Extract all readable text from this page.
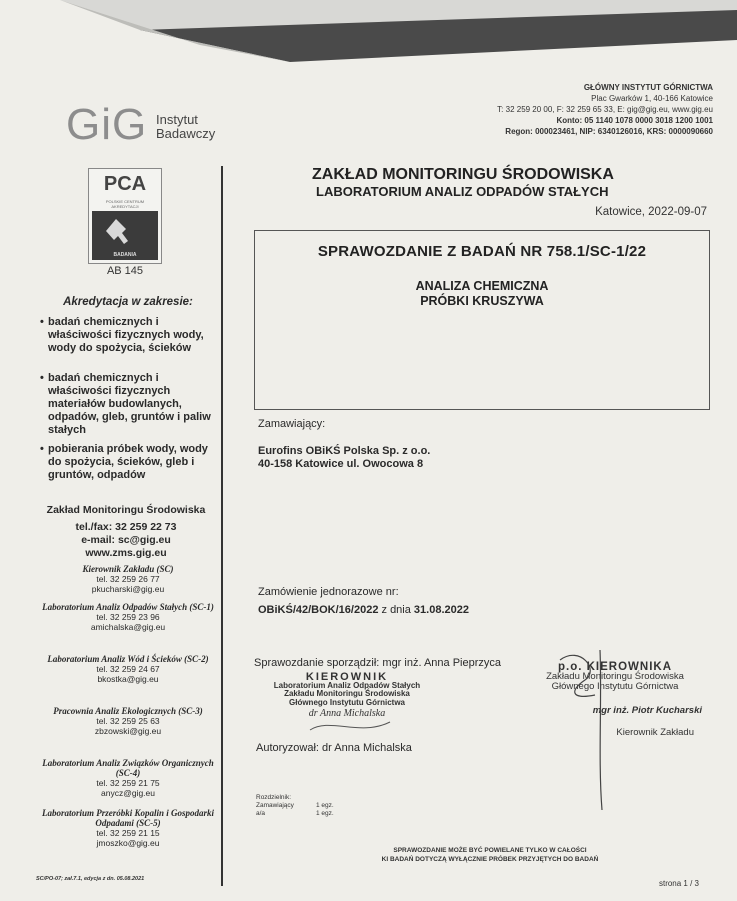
GiG Instytut
Badawczy
GŁÓWNY INSTYTUT GÓRNICTWA
Plac Gwarków 1, 40-166 Katowice
T: 32 259 20 00, F: 32 259 65 33, E: gig@gig.eu, www.gig.eu
Konto: 05 1140 1078 0000 3018 1200 1001
Regon: 000023461, NIP: 6340126016, KRS: 0000090660
PCA
POLSKIE CENTRUM AKREDYTACJI
BADANIA
AB 145
Akredytacja w zakresie:
• badań chemicznych i właściwości fizycznych wody, wody do spożycia, ścieków
• badań chemicznych i właściwości fizycznych materiałów budowlanych, odpadów, gleb, gruntów i paliw stałych
• pobierania próbek wody, wody do spożycia, ścieków, gleb i gruntów, odpadów
Zakład Monitoringu Środowiska
tel./fax: 32 259 22 73
e-mail: sc@gig.eu
www.zms.gig.eu
Kierownik Zakładu (SC)
tel. 32 259 26 77
pkucharski@gig.eu
Laboratorium Analiz Odpadów Stałych (SC-1)
tel. 32 259 23 96
amichalska@gig.eu
Laboratorium Analiz Wód i Ścieków (SC-2)
tel. 32 259 24 67
bkostka@gig.eu
Pracownia Analiz Ekologicznych (SC-3)
tel. 32 259 25 63
zbzowski@gig.eu
Laboratorium Analiz Związków Organicznych (SC-4)
tel. 32 259 21 75
anycz@gig.eu
Laboratorium Przeróbki Kopalin i Gospodarki Odpadami (SC-5)
tel. 32 259 21 15
jmoszko@gig.eu
SC/PO-07; zał.7.1, edycja z dn. 05.08.2021
ZAKŁAD MONITORINGU ŚRODOWISKA
LABORATORIUM ANALIZ ODPADÓW STAŁYCH
Katowice, 2022-09-07
SPRAWOZDANIE Z BADAŃ NR 758.1/SC-1/22
ANALIZA CHEMICZNA
PRÓBKI KRUSZYWA
Zamawiający:
Eurofins OBiKŚ Polska Sp. z o.o.
40-158 Katowice ul. Owocowa 8
Zamówienie jednorazowe nr:
OBiKŚ/42/BOK/16/2022 z dnia 31.08.2022
Sprawozdanie sporządził: mgr inż. Anna Pieprzyca
KIEROWNIK
Laboratorium Analiz Odpadów Stałych
Zakładu Monitoringu Środowiska
Głównego Instytutu Górnictwa
dr Anna Michalska
p.o. KIEROWNIKA
Zakładu Monitoringu Środowiska
Głównego Instytutu Górnictwa
mgr inż. Piotr Kucharski
Kierownik Zakładu
Autoryzował: dr Anna Michalska
Rozdzielnik:
Zamawiający	1 egz.
a/a	1 egz.
SPRAWOZDANIE MOŻE BYĆ POWIELANE TYLKO W CAŁOŚCI
KI BADAŃ DOTYCZĄ WYŁĄCZNIE PRÓBEK PRZYJĘTYCH DO BADAŃ
strona 1 / 3
